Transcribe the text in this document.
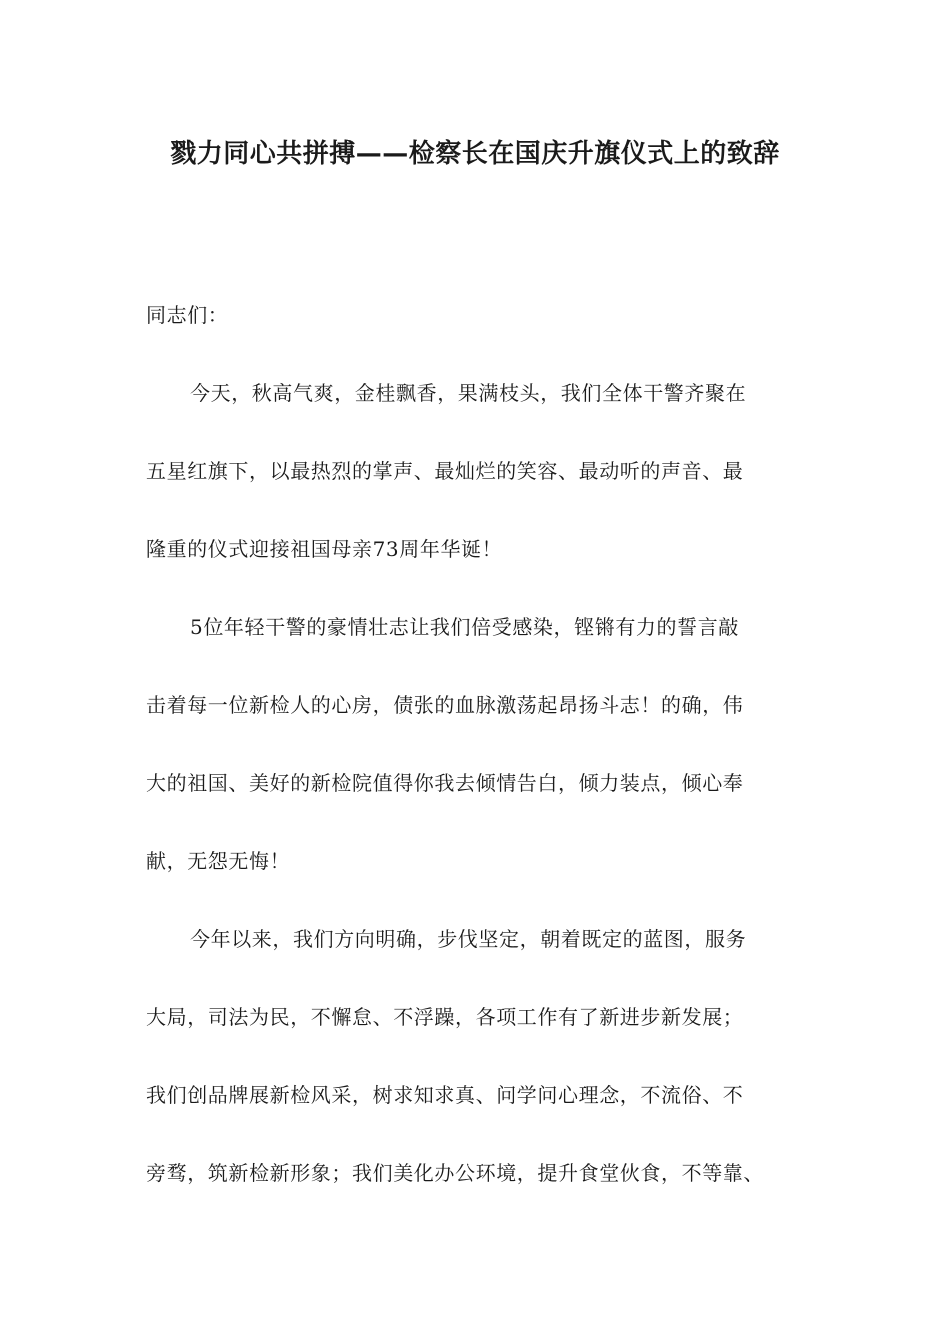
戮力同心共拼搏——检察长在国庆升旗仪式上的致辞
同志们：
今天，秋高气爽，金桂飘香，果满枝头，我们全体干警齐聚在
五星红旗下，以最热烈的掌声、最灿烂的笑容、最动听的声音、最
隆重的仪式迎接祖国母亲73周年华诞！
5位年轻干警的豪情壮志让我们倍受感染，铿锵有力的誓言敲
击着每一位新检人的心房，债张的血脉激荡起昂扬斗志！的确，伟
大的祖国、美好的新检院值得你我去倾情告白，倾力装点，倾心奉
献，无怨无悔！
今年以来，我们方向明确，步伐坚定，朝着既定的蓝图，服务
大局，司法为民，不懈怠、不浮躁，各项工作有了新进步新发展；
我们创品牌展新检风采，树求知求真、问学问心理念，不流俗、不
旁骛，筑新检新形象；我们美化办公环境，提升食堂伙食，不等靠、
